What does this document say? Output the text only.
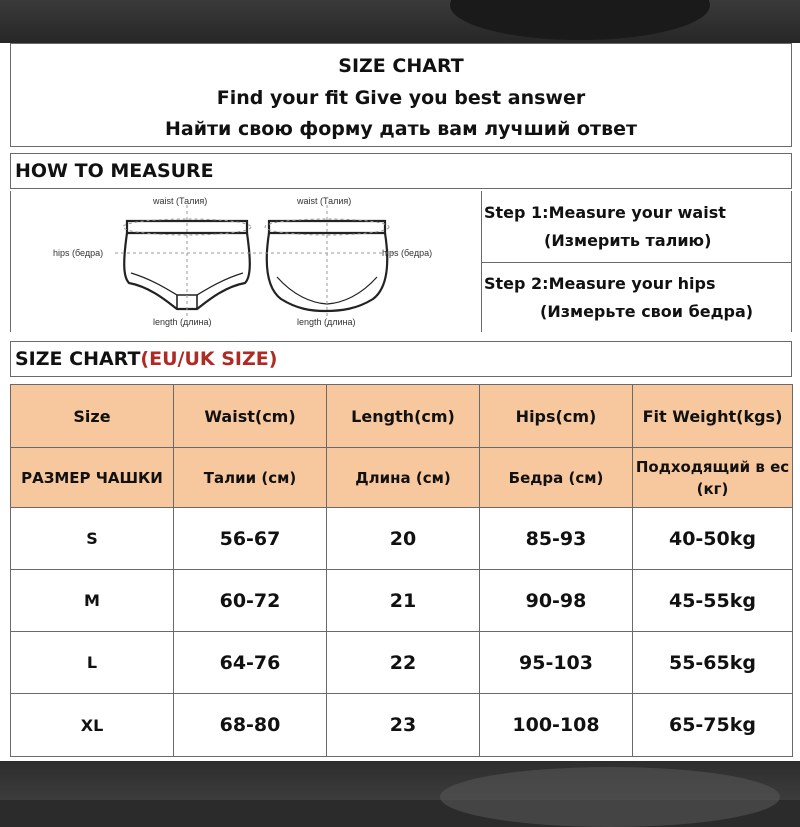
SIZE CHART
Find your fit Give you best answer
Найти свою форму дать вам лучший ответ
HOW TO MEASURE
waist (Талия)	waist (Талия)
hips (бедра)	hips (бедра)
length (длина)	length (длина)
Step 1:Measure your waist
(Измерить талию)
Step 2:Measure your hips
(Измерьте свои бедра)
SIZE CHART(EU/UK SIZE)
Size	Waist(cm)	Length(cm)	Hips(cm)	Fit Weight(kgs)
РАЗМЕР ЧАШКИ	Талии (см)	Длина (см)	Бедра (см)	Подходящий в ес (кг)
S	56-67	20	85-93	40-50kg
M	60-72	21	90-98	45-55kg
L	64-76	22	95-103	55-65kg
XL	68-80	23	100-108	65-75kg
